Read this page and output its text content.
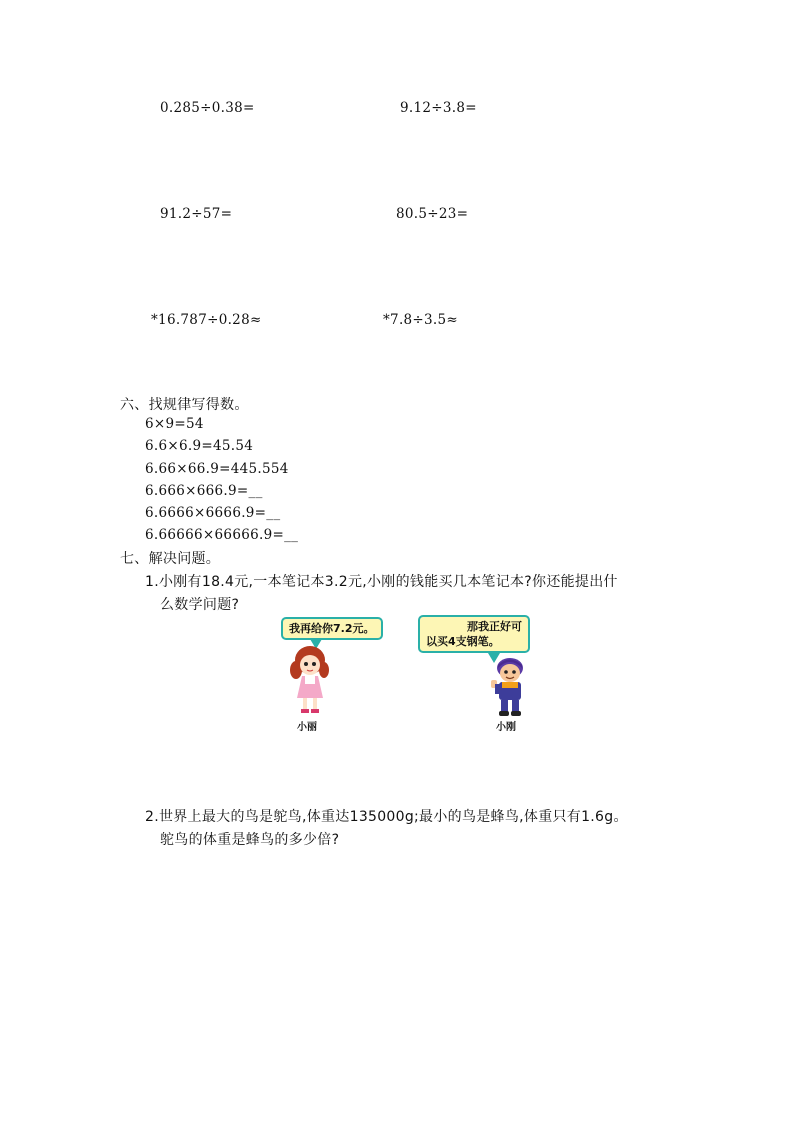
0.285÷0.38=	9.12÷3.8=
91.2÷57=	80.5÷23=
*16.787÷0.28≈	*7.8÷3.5≈
六、找规律写得数。
6×9=54
6.6×6.9=45.54
6.66×66.9=445.554
6.666×666.9=__
6.6666×6666.9=__
6.66666×66666.9=__
七、解决问题。
1.小刚有18.4元,一本笔记本3.2元,小刚的钱能买几本笔记本?你还能提出什
么数学问题?
我再给你7.2元。
小丽
那我正好可
以买4支钢笔。
小刚
2.世界上最大的鸟是鸵鸟,体重达135000g;最小的鸟是蜂鸟,体重只有1.6g。
鸵鸟的体重是蜂鸟的多少倍?
